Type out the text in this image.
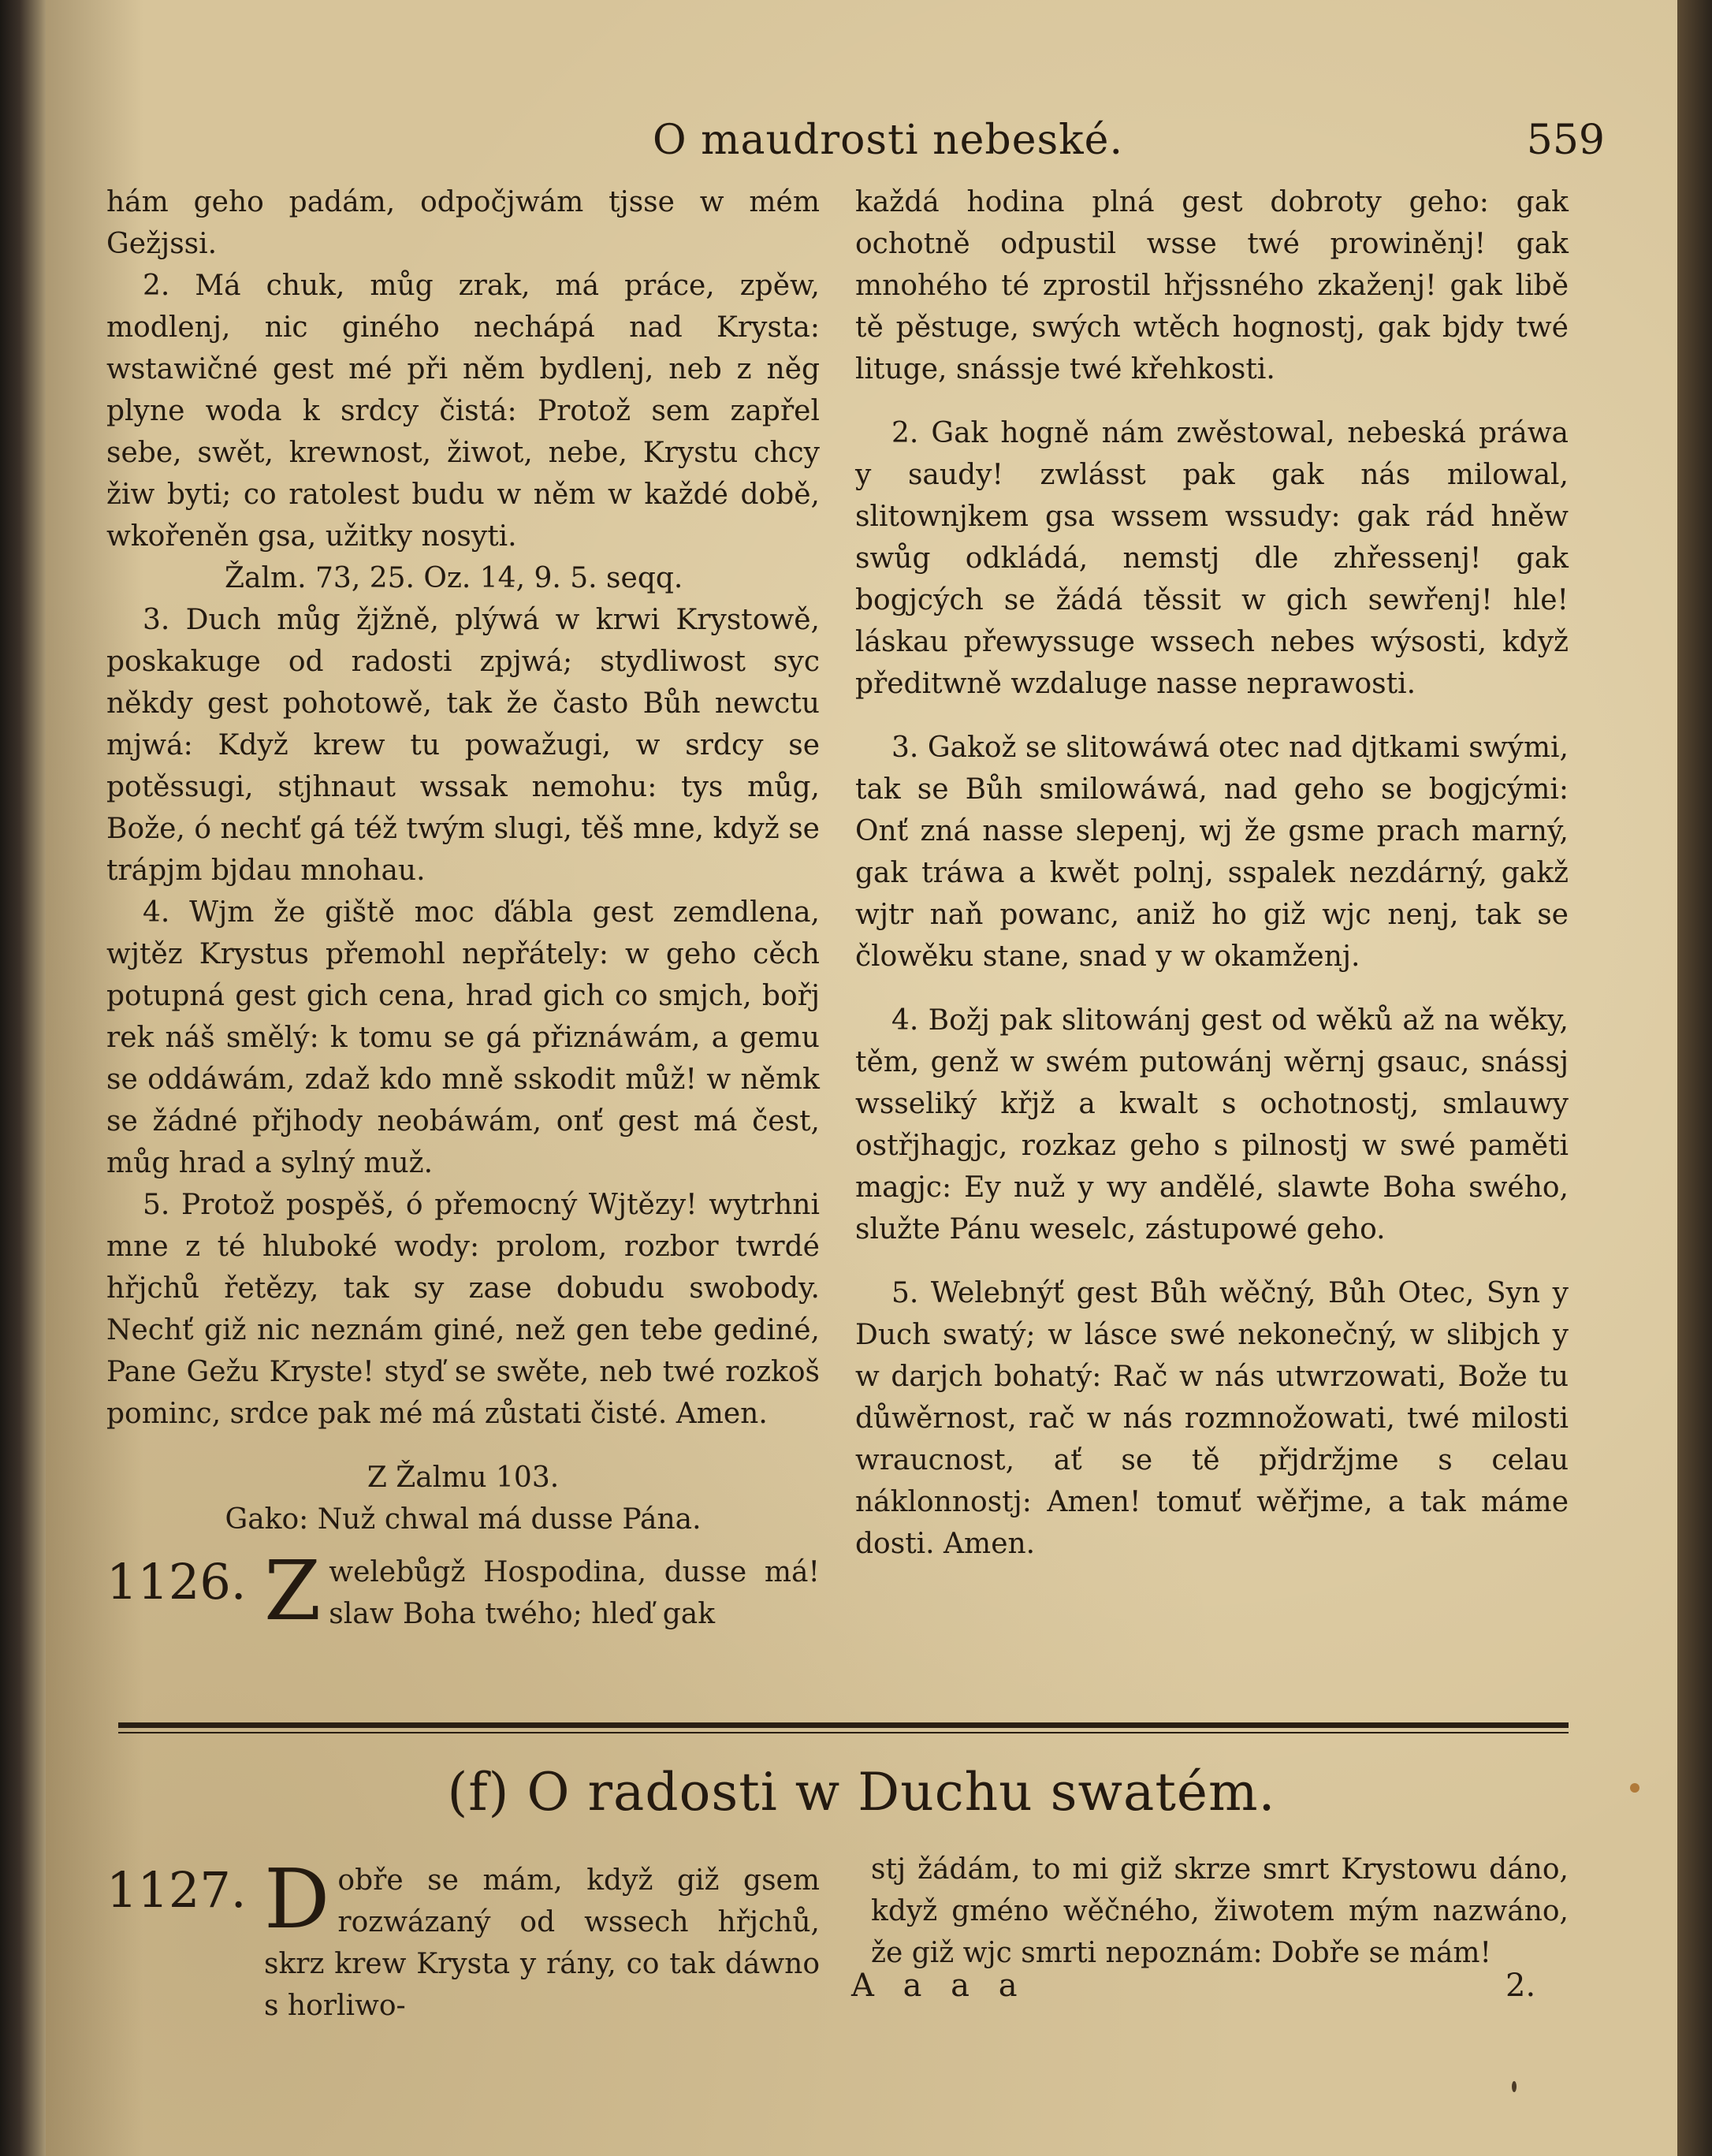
O maudrosti nebeské.	559

hám geho padám, odpočjwám tjsse w mém Gežjssi.

2. Má chuk, můg zrak, má práce, zpěw, modlenj, nic giného nechápá nad Krysta: wstawičné gest mé při něm bydlenj, neb z něg plyne woda k srdcy čistá: Protož sem zapřel sebe, swět, krewnost, žiwot, nebe, Krystu chcy žiw byti; co ratolest budu w něm w každé době, wkořeněn gsa, užitky nosyti.

Žalm. 73, 25. Oz. 14, 9. 5. seqq.

3. Duch můg žjžně, plýwá w krwi Krystowě, poskakuge od radosti zpjwá; stydliwost syc někdy gest pohotowě, tak že často Bůh newctu mjwá: Když krew tu powažugi, w srdcy se potěssugi, stjhnaut wssak nemohu: tys můg, Bože, ó nechť gá též twým slugi, těš mne, když se trápjm bjdau mnohau.

4. Wjm že giště moc ďábla gest zemdlena, wjtěz Krystus přemohl nepřátely: w geho cěch potupná gest gich cena, hrad gich co smjch, bořj rek náš smělý: k tomu se gá přiznáwám, a gemu se oddáwám, zdaž kdo mně sskodit můž! w němk se žádné přjhody neobáwám, onť gest má čest, můg hrad a sylný muž.

5. Protož pospěš, ó přemocný Wjtězy! wytrhni mne z té hluboké wody: prolom, rozbor twrdé hřjchů řetězy, tak sy zase dobudu swobody. Nechť giž nic neznám giné, než gen tebe gediné, Pane Gežu Kryste! styď se swěte, neb twé rozkoš pominc, srdce pak mé má zůstati čisté. Amen.

Z Žalmu 103.

Gako: Nuž chwal má dusse Pána.

1126. Z welebůgž Hospodina, dusse má! slaw Boha twého; hleď gak

každá hodina plná gest dobroty geho: gak ochotně odpustil wsse twé prowiněnj! gak mnohého té zprostil hřjssného zkaženj! gak libě tě pěstuge, swých wtěch hognostj, gak bjdy twé lituge, snássje twé křehkosti.

2. Gak hogně nám zwěstowal, nebeská práwa y saudy! zwlásst pak gak nás milowal, slitownjkem gsa wssem wssudy: gak rád hněw swůg odkládá, nemstj dle zhřessenj! gak bogjcých se žádá těssit w gich sewřenj! hle! láskau přewyssuge wssech nebes wýsosti, když předitwně wzdaluge nasse neprawosti.

3. Gakož se slitowáwá otec nad djtkami swými, tak se Bůh smilowáwá, nad geho se bogjcými: Onť zná nasse slepenj, wj že gsme prach marný, gak tráwa a kwět polnj, sspalek nezdárný, gakž wjtr naň powanc, aniž ho giž wjc nenj, tak se člowěku stane, snad y w okamženj.

4. Božj pak slitowánj gest od wěků až na wěky, těm, genž w swém putowánj wěrnj gsauc, snássj wsseliký křjž a kwalt s ochotnostj, smlauwy ostřjhagjc, rozkaz geho s pilnostj w swé paměti magjc: Ey nuž y wy andělé, slawte Boha swého, služte Pánu weselc, zástupowé geho.

5. Welebnýť gest Bůh wěčný, Bůh Otec, Syn y Duch swatý; w lásce swé nekonečný, w slibjch y w darjch bohatý: Rač w nás utwrzowati, Bože tu důwěrnost, rač w nás rozmnožowati, twé milosti wraucnost, ať se tě přjdržjme s celau náklonnostj: Amen! tomuť wěřjme, a tak máme dosti. Amen.

(f) O radosti w Duchu swatém.

1127. D obře se mám, když giž gsem rozwázaný od wssech hřjchů, skrz krew Krysta y rány, co tak dáwno s horliwo-

stj žádám, to mi giž skrze smrt Krystowu dáno, když gméno wěčného, žiwotem mým nazwáno, že giž wjc smrti nepoznám: Dobře se mám!

A a a a	2.
